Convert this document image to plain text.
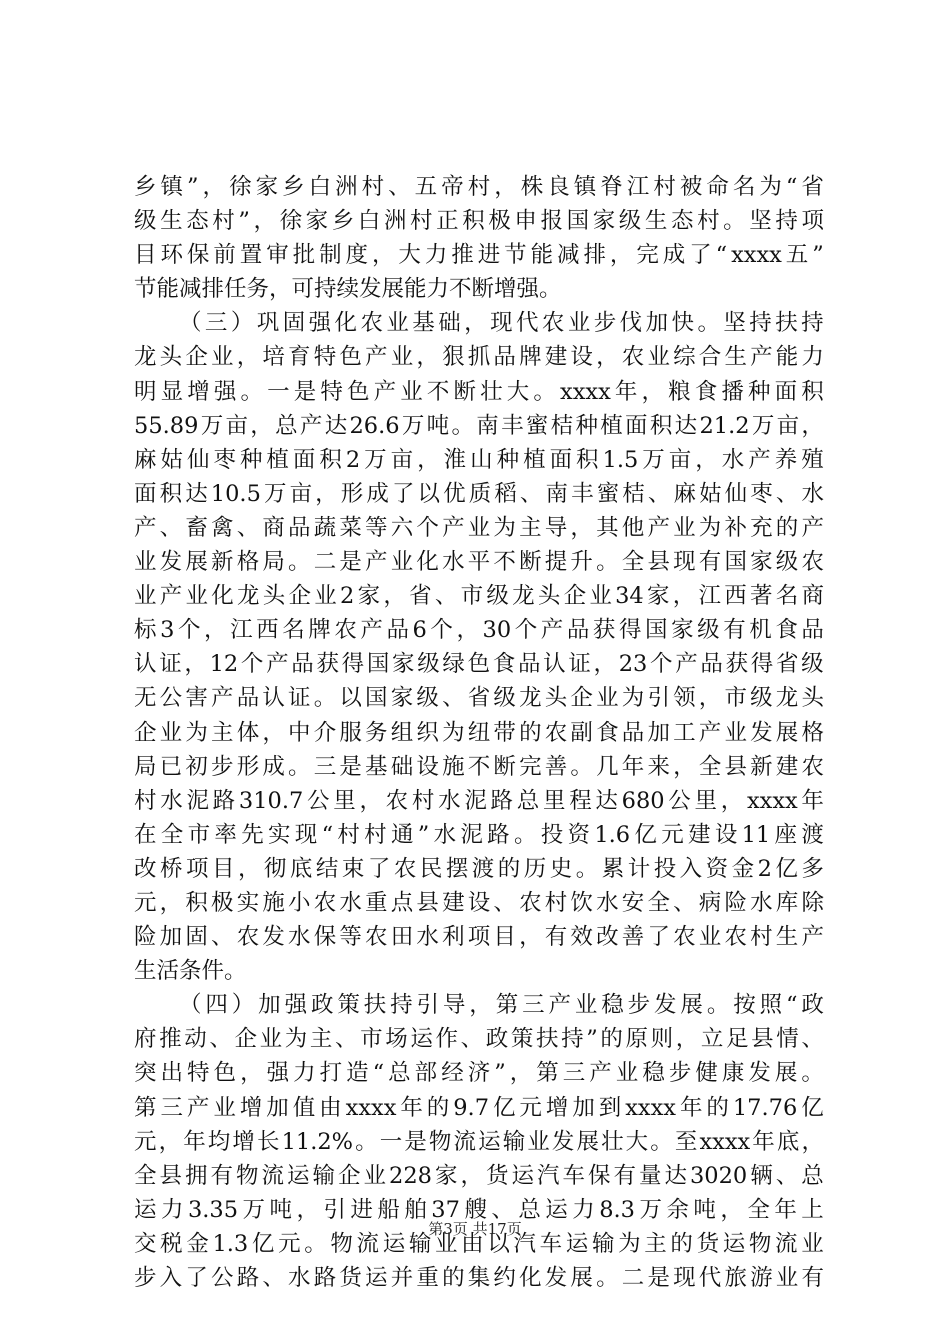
乡 镇 ” ， 徐 家 乡 白 洲 村 、 五 帝 村 ， 株 良 镇 脊 江 村 被 命 名 为 “ 省
级 生 态 村 ” ， 徐 家 乡 白 洲 村 正 积 极 申 报 国 家 级 生 态 村 。 坚 持 项
目 环 保 前 置 审 批 制 度 ， 大 力 推 进 节 能 减 排 ， 完 成 了 “ xxxx 五 ”
节能减排任务，可持续发展能力不断增强。
（ 三 ） 巩 固 强 化 农 业 基 础 ， 现 代 农 业 步 伐 加 快 。 坚 持 扶 持
龙 头 企 业 ， 培 育 特 色 产 业 ， 狠 抓 品 牌 建 设 ， 农 业 综 合 生 产 能 力
明 显 增 强 。 一 是 特 色 产 业 不 断 壮 大 。 xxxx 年 ， 粮 食 播 种 面 积
55.89 万 亩 ， 总 产 达 26.6 万 吨 。 南 丰 蜜 桔 种 植 面 积 达 21.2 万 亩 ，
麻 姑 仙 枣 种 植 面 积 2 万 亩 ， 淮 山 种 植 面 积 1.5 万 亩 ， 水 产 养 殖
面 积 达 10.5 万 亩 ， 形 成 了 以 优 质 稻 、 南 丰 蜜 桔 、 麻 姑 仙 枣 、 水
产 、 畜 禽 、 商 品 蔬 菜 等 六 个 产 业 为 主 导 ， 其 他 产 业 为 补 充 的 产
业 发 展 新 格 局 。 二 是 产 业 化 水 平 不 断 提 升 。 全 县 现 有 国 家 级 农
业 产 业 化 龙 头 企 业 2 家 ， 省 、 市 级 龙 头 企 业 34 家 ， 江 西 著 名 商
标 3 个 ， 江 西 名 牌 农 产 品 6 个 ， 30 个 产 品 获 得 国 家 级 有 机 食 品
认 证 ， 12 个 产 品 获 得 国 家 级 绿 色 食 品 认 证 ， 23 个 产 品 获 得 省 级
无 公 害 产 品 认 证 。 以 国 家 级 、 省 级 龙 头 企 业 为 引 领 ， 市 级 龙 头
企 业 为 主 体 ， 中 介 服 务 组 织 为 纽 带 的 农 副 食 品 加 工 产 业 发 展 格
局 已 初 步 形 成 。 三 是 基 础 设 施 不 断 完 善 。 几 年 来 ， 全 县 新 建 农
村 水 泥 路 310.7 公 里 ， 农 村 水 泥 路 总 里 程 达 680 公 里 ， xxxx 年
在 全 市 率 先 实 现 “ 村 村 通 ” 水 泥 路 。 投 资 1.6 亿 元 建 设 11 座 渡
改 桥 项 目 ， 彻 底 结 束 了 农 民 摆 渡 的 历 史 。 累 计 投 入 资 金 2 亿 多
元 ， 积 极 实 施 小 农 水 重 点 县 建 设 、 农 村 饮 水 安 全 、 病 险 水 库 除
险 加 固 、 农 发 水 保 等 农 田 水 利 项 目 ， 有 效 改 善 了 农 业 农 村 生 产
生活条件。
（ 四 ） 加 强 政 策 扶 持 引 导 ， 第 三 产 业 稳 步 发 展 。 按 照 “ 政
府 推 动 、 企 业 为 主 、 市 场 运 作 、 政 策 扶 持 ” 的 原 则 ， 立 足 县 情 、
突 出 特 色 ， 强 力 打 造 “ 总 部 经 济 ” ， 第 三 产 业 稳 步 健 康 发 展 。
第 三 产 业 增 加 值 由 xxxx 年 的 9.7 亿 元 增 加 到 xxxx 年 的 17.76 亿
元 ， 年 均 增 长 11.2% 。 一 是 物 流 运 输 业 发 展 壮 大 。 至 xxxx 年 底 ，
全 县 拥 有 物 流 运 输 企 业 228 家 ， 货 运 汽 车 保 有 量 达 3020 辆 、 总
运 力 3.35 万 吨 ， 引 进 船 舶 37 艘 、 总 运 力 8.3 万 余 吨 ， 全 年 上
交 税 金 1.3 亿 元 。 物 流 运 输 业 由 以 汽 车 运 输 为 主 的 货 运 物 流 业
步 入 了 公 路 、 水 路 货 运 并 重 的 集 约 化 发 展 。 二 是 现 代 旅 游 业 有
第3页 共17页
